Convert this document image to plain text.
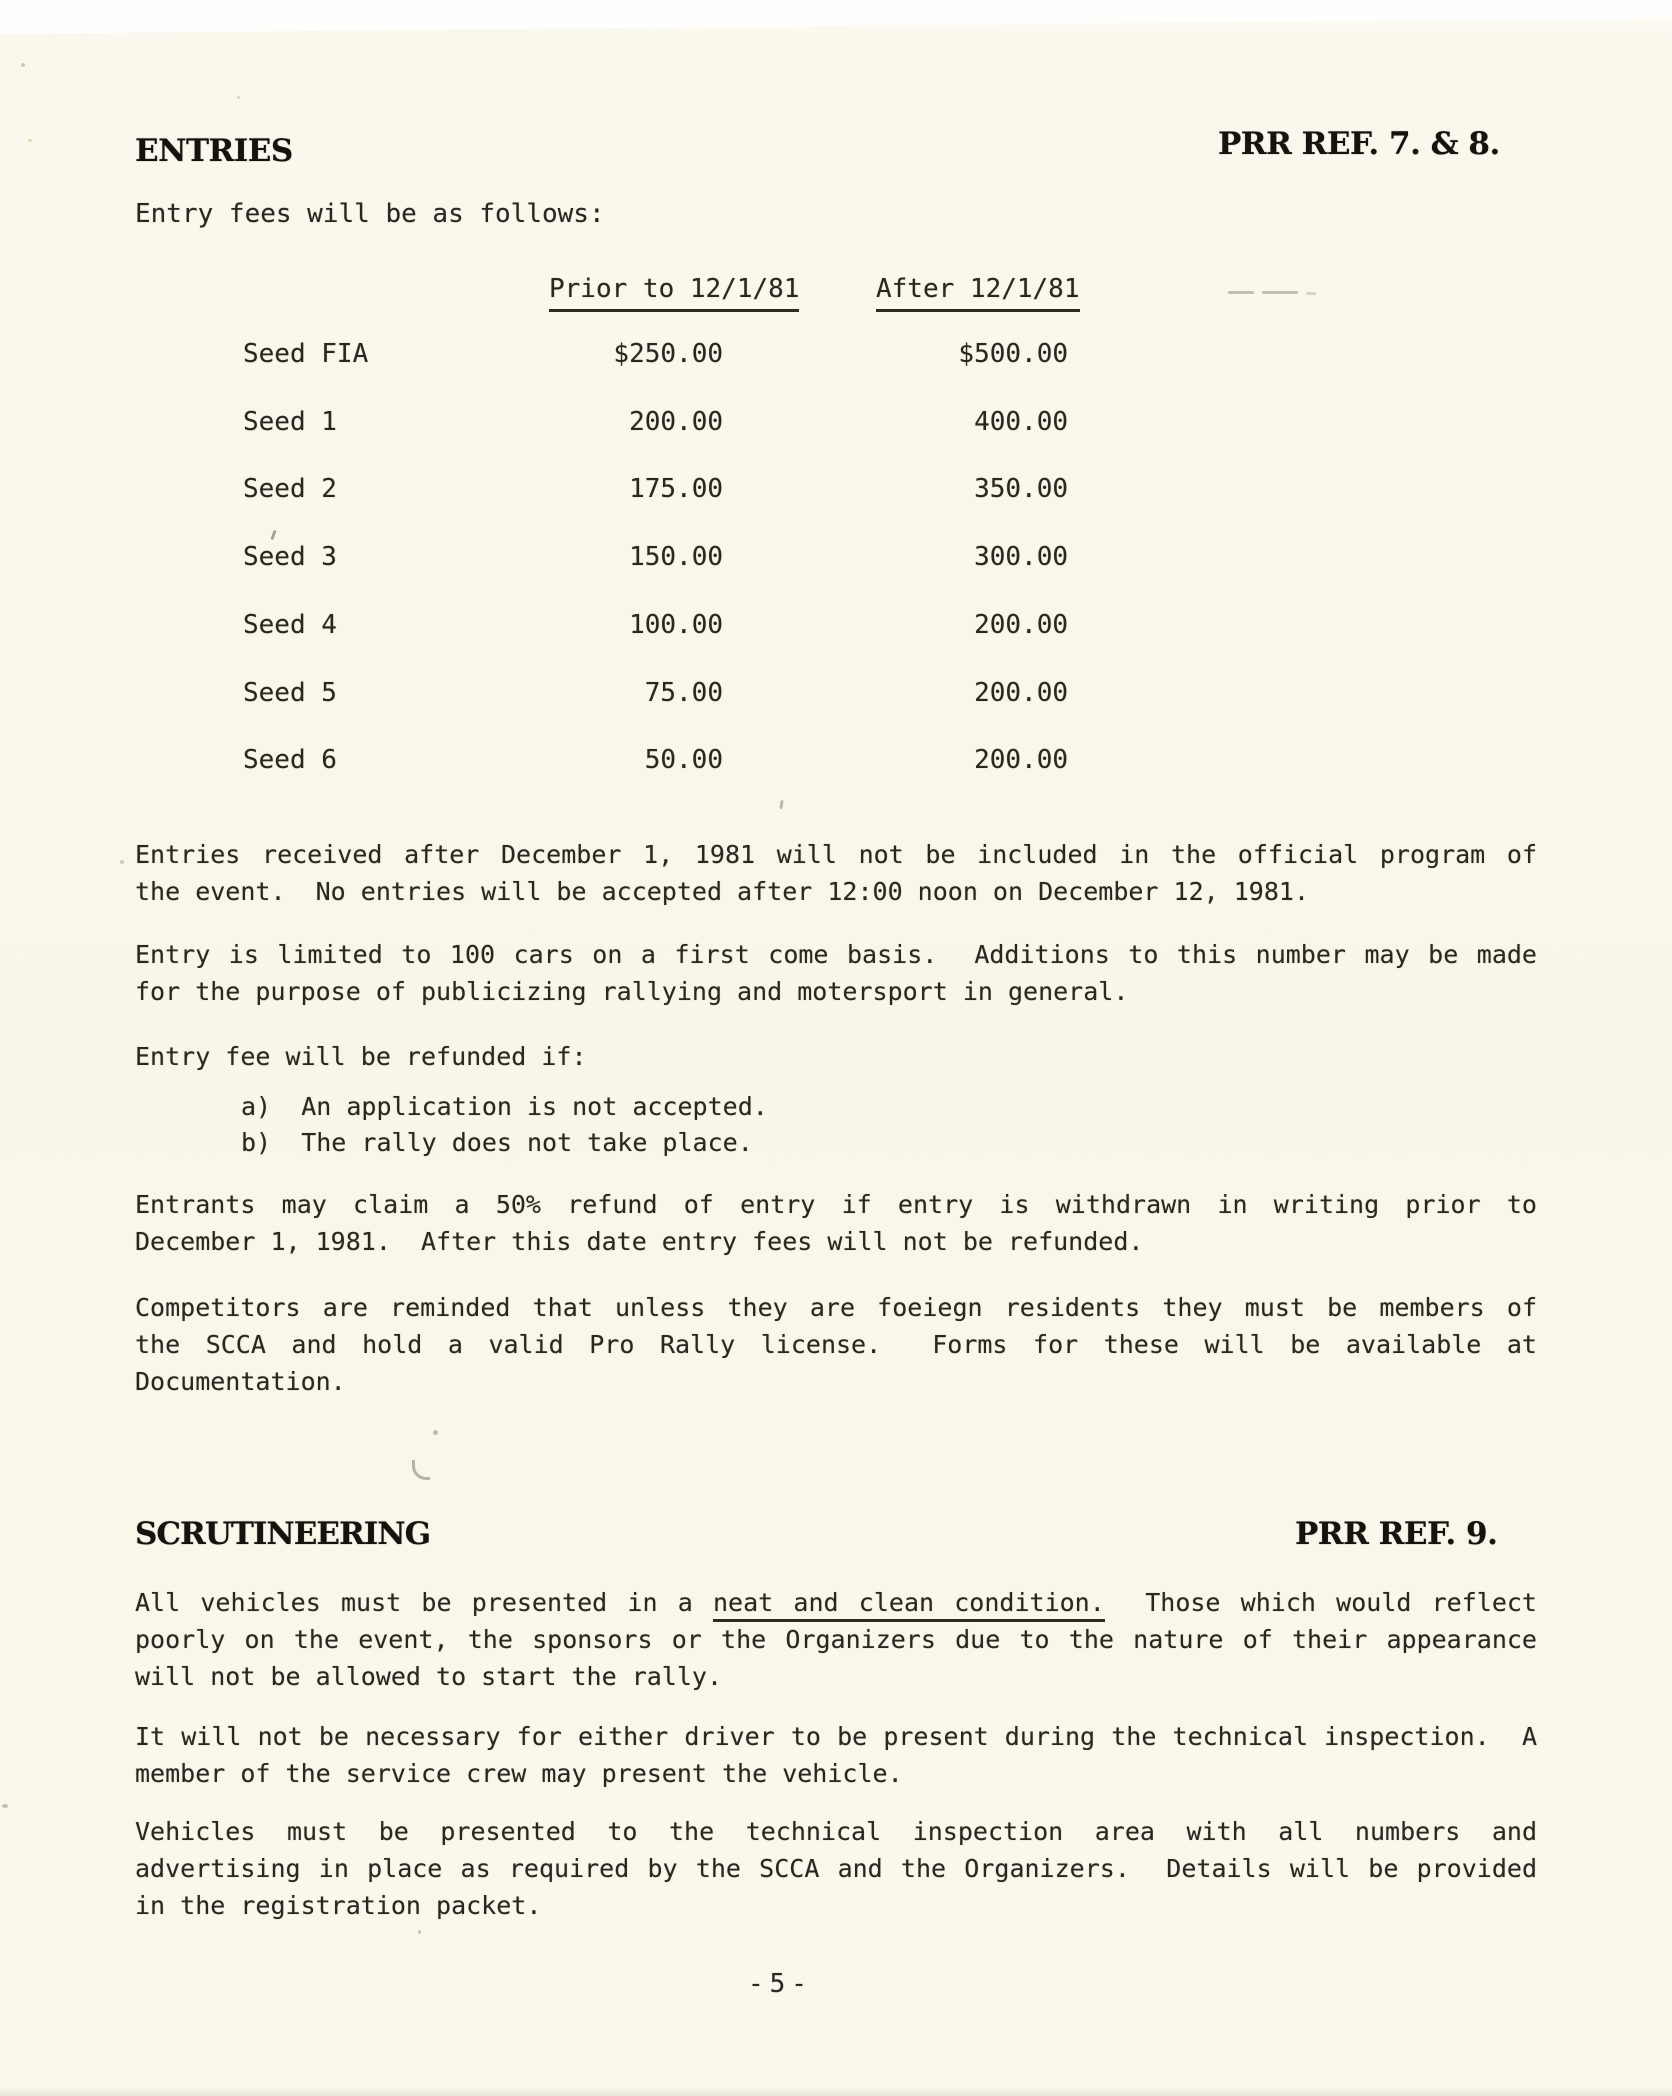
ENTRIES	PRR REF. 7. & 8.
Entry fees will be as follows:
Prior to 12/1/81	After 12/1/81
Seed FIA	$250.00	$500.00
Seed 1	200.00	400.00
Seed 2	175.00	350.00
Seed 3	150.00	300.00
Seed 4	100.00	200.00
Seed 5	75.00	200.00
Seed 6	50.00	200.00
Entries received after December 1, 1981 will not be included in the official program of
the event.  No entries will be accepted after 12:00 noon on December 12, 1981.
Entry is limited to 100 cars on a first come basis.  Additions to this number may be made
for the purpose of publicizing rallying and motersport in general.
Entry fee will be refunded if:
a)  An application is not accepted.
b)  The rally does not take place.
Entrants may claim a 50% refund of entry if entry is withdrawn in writing prior to
December 1, 1981.  After this date entry fees will not be refunded.
Competitors are reminded that unless they are foeiegn residents they must be members of
the SCCA and hold a valid Pro Rally license.  Forms for these will be available at
Documentation.
SCRUTINEERING	PRR REF. 9.
All vehicles must be presented in a neat and clean condition.  Those which would reflect
poorly on the event, the sponsors or the Organizers due to the nature of their appearance
will not be allowed to start the rally.
It will not be necessary for either driver to be present during the technical inspection.  A
member of the service crew may present the vehicle.
Vehicles must be presented to the technical inspection area with all numbers and
advertising in place as required by the SCCA and the Organizers.  Details will be provided
in the registration packet.
-5-
